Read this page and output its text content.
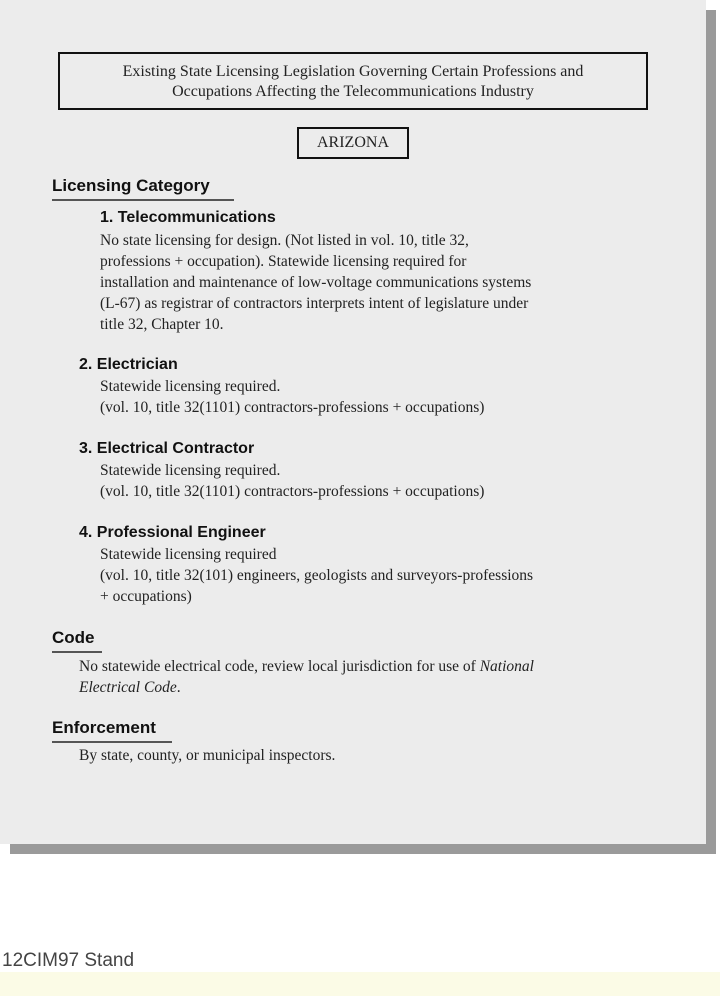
Existing State Licensing Legislation Governing Certain Professions and
Occupations Affecting the Telecommunications Industry
ARIZONA
Licensing Category
1. Telecommunications
No state licensing for design. (Not listed in vol. 10, title 32,
professions + occupation). Statewide licensing required for
installation and maintenance of low-voltage communications systems
(L-67) as registrar of contractors interprets intent of legislature under
title 32, Chapter 10.
2. Electrician
Statewide licensing required.
(vol. 10, title 32(1101) contractors-professions + occupations)
3. Electrical Contractor
Statewide licensing required.
(vol. 10, title 32(1101) contractors-professions + occupations)
4. Professional Engineer
Statewide licensing required
(vol. 10, title 32(101) engineers, geologists and surveyors-professions
+ occupations)
Code
No statewide electrical code, review local jurisdiction for use of National
Electrical Code.
Enforcement
By state, county, or municipal inspectors.
12CIM97 Stand
